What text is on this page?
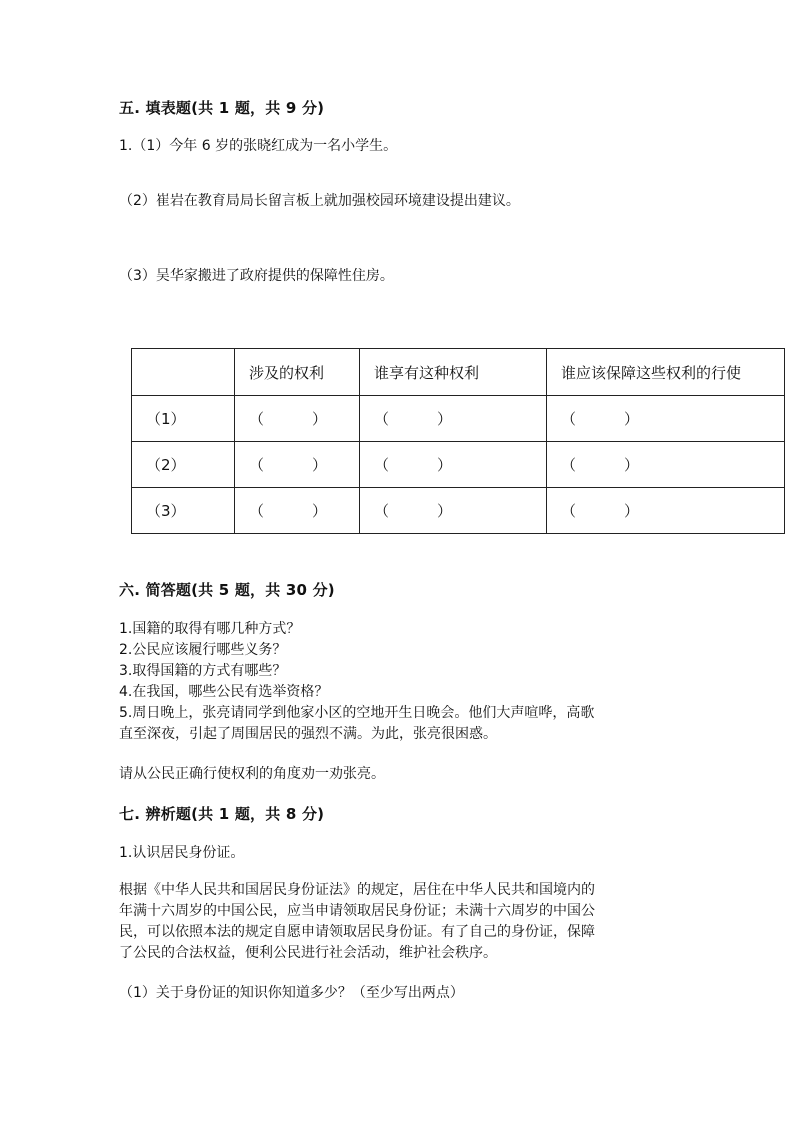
五. 填表题(共 1 题，共 9 分)
1.（1）今年 6 岁的张晓红成为一名小学生。
（2）崔岩在教育局局长留言板上就加强校园环境建设提出建议。
（3）吴华家搬进了政府提供的保障性住房。
	涉及的权利	谁享有这种权利	谁应该保障这些权利的行使
（1）	（ ）	（ ）	（ ）
（2）	（ ）	（ ）	（ ）
（3）	（ ）	（ ）	（ ）
六. 简答题(共 5 题，共 30 分)
1.国籍的取得有哪几种方式？
2.公民应该履行哪些义务？
3.取得国籍的方式有哪些？
4.在我国，哪些公民有选举资格？
5.周日晚上，张亮请同学到他家小区的空地开生日晚会。他们大声喧哗，高歌
直至深夜，引起了周围居民的强烈不满。为此，张亮很困惑。
请从公民正确行使权利的角度劝一劝张亮。
七. 辨析题(共 1 题，共 8 分)
1.认识居民身份证。
根据《中华人民共和国居民身份证法》的规定，居住在中华人民共和国境内的
年满十六周岁的中国公民，应当申请领取居民身份证；未满十六周岁的中国公
民，可以依照本法的规定自愿申请领取居民身份证。有了自己的身份证，保障
了公民的合法权益，便利公民进行社会活动，维护社会秩序。
（1）关于身份证的知识你知道多少？（至少写出两点）
